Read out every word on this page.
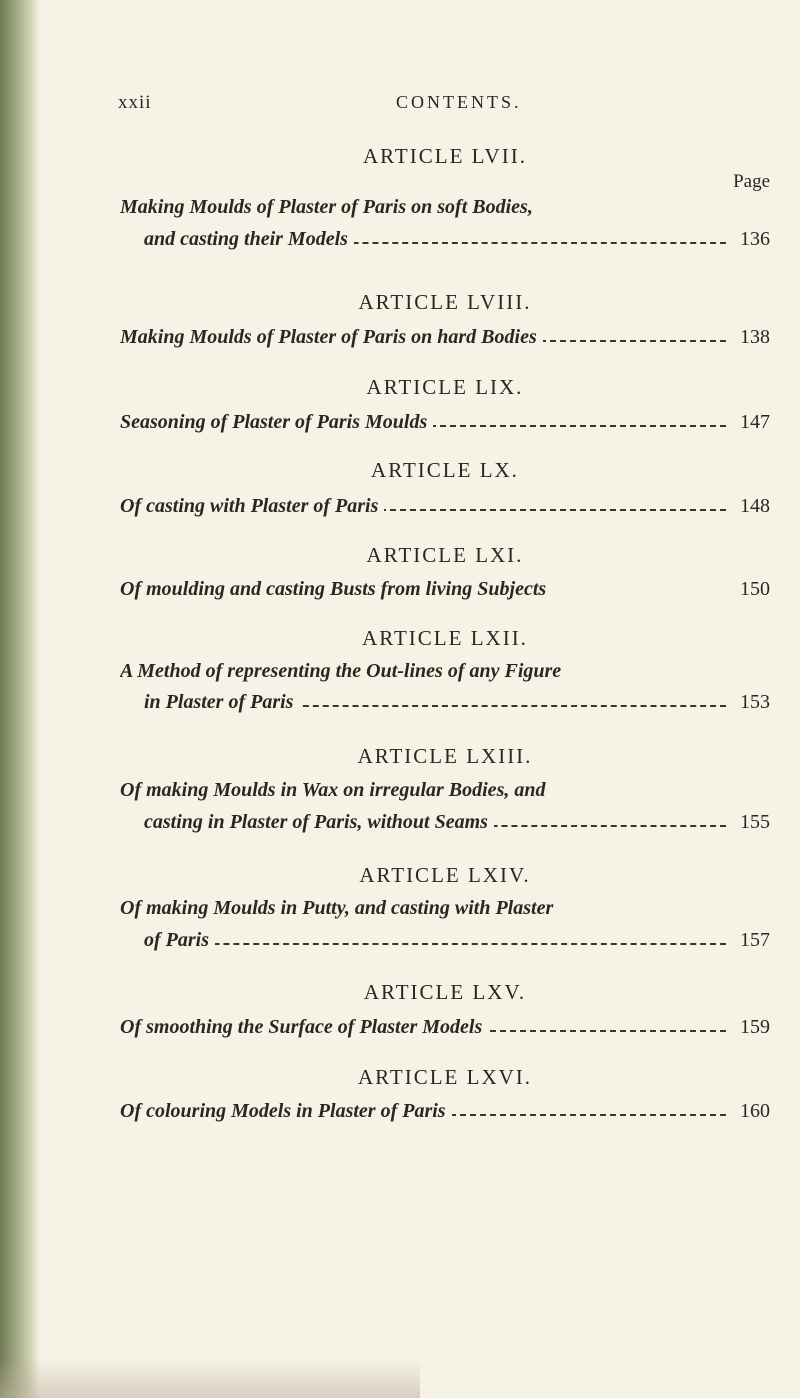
xxii	CONTENTS.
ARTICLE LVII.
Page
Making Moulds of Plaster of Paris on soft Bodies,
and casting their Models	136
ARTICLE LVIII.
Making Moulds of Plaster of Paris on hard Bodies	138
ARTICLE LIX.
Seasoning of Plaster of Paris Moulds	147
ARTICLE LX.
Of casting with Plaster of Paris	148
ARTICLE LXI.
Of moulding and casting Busts from living Subjects	150
ARTICLE LXII.
A Method of representing the Out-lines of any Figure
in Plaster of Paris	153
ARTICLE LXIII.
Of making Moulds in Wax on irregular Bodies, and
casting in Plaster of Paris, without Seams	155
ARTICLE LXIV.
Of making Moulds in Putty, and casting with Plaster
of Paris	157
ARTICLE LXV.
Of smoothing the Surface of Plaster Models	159
ARTICLE LXVI.
Of colouring Models in Plaster of Paris	160
